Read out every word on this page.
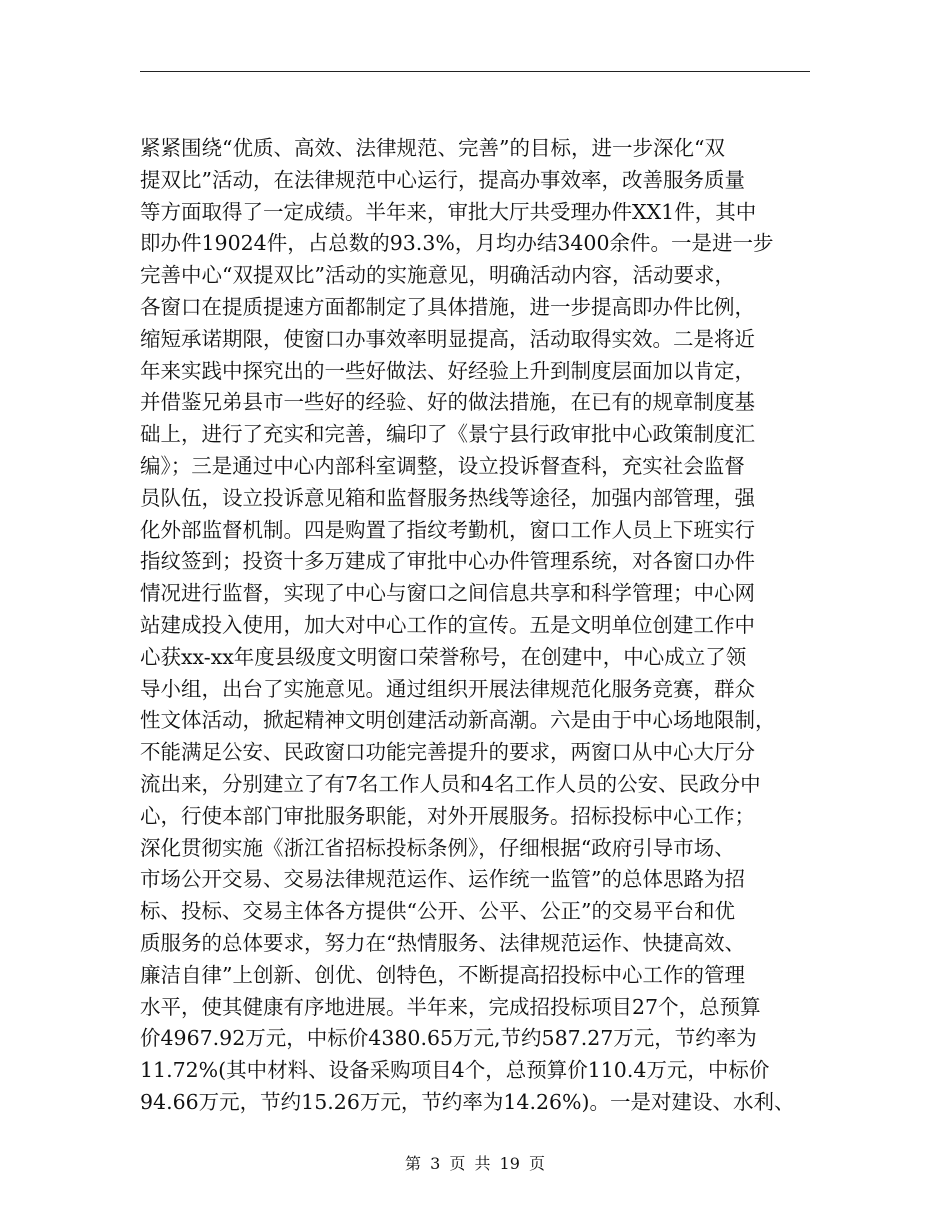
紧紧围绕“优质、高效、法律规范、完善”的目标，进一步深化“双
提双比”活动，在法律规范中心运行，提高办事效率，改善服务质量
等方面取得了一定成绩。半年来，审批大厅共受理办件XX1件，其中
即办件19024件，占总数的93.3%，月均办结3400余件。一是进一步
完善中心“双提双比”活动的实施意见，明确活动内容，活动要求，
各窗口在提质提速方面都制定了具体措施，进一步提高即办件比例，
缩短承诺期限，使窗口办事效率明显提高，活动取得实效。二是将近
年来实践中探究出的一些好做法、好经验上升到制度层面加以肯定，
并借鉴兄弟县市一些好的经验、好的做法措施，在已有的规章制度基
础上，进行了充实和完善，编印了《景宁县行政审批中心政策制度汇
编》；三是通过中心内部科室调整，设立投诉督查科，充实社会监督
员队伍，设立投诉意见箱和监督服务热线等途径，加强内部管理，强
化外部监督机制。四是购置了指纹考勤机，窗口工作人员上下班实行
指纹签到；投资十多万建成了审批中心办件管理系统，对各窗口办件
情况进行监督，实现了中心与窗口之间信息共享和科学管理；中心网
站建成投入使用，加大对中心工作的宣传。五是文明单位创建工作中
心获xx-xx年度县级度文明窗口荣誉称号，在创建中，中心成立了领
导小组，出台了实施意见。通过组织开展法律规范化服务竞赛，群众
性文体活动，掀起精神文明创建活动新高潮。六是由于中心场地限制，
不能满足公安、民政窗口功能完善提升的要求，两窗口从中心大厅分
流出来，分别建立了有7名工作人员和4名工作人员的公安、民政分中
心，行使本部门审批服务职能，对外开展服务。招标投标中心工作；
深化贯彻实施《浙江省招标投标条例》，仔细根据“政府引导市场、
市场公开交易、交易法律规范运作、运作统一监管”的总体思路为招
标、投标、交易主体各方提供“公开、公平、公正”的交易平台和优
质服务的总体要求，努力在“热情服务、法律规范运作、快捷高效、
廉洁自律”上创新、创优、创特色，不断提高招投标中心工作的管理
水平，使其健康有序地进展。半年来，完成招投标项目27个，总预算
价4967.92万元，中标价4380.65万元,节约587.27万元，节约率为
11.72%(其中材料、设备采购项目4个，总预算价110.4万元，中标价
94.66万元，节约15.26万元，节约率为14.26%)。一是对建设、水利、
第 3 页 共 19 页
